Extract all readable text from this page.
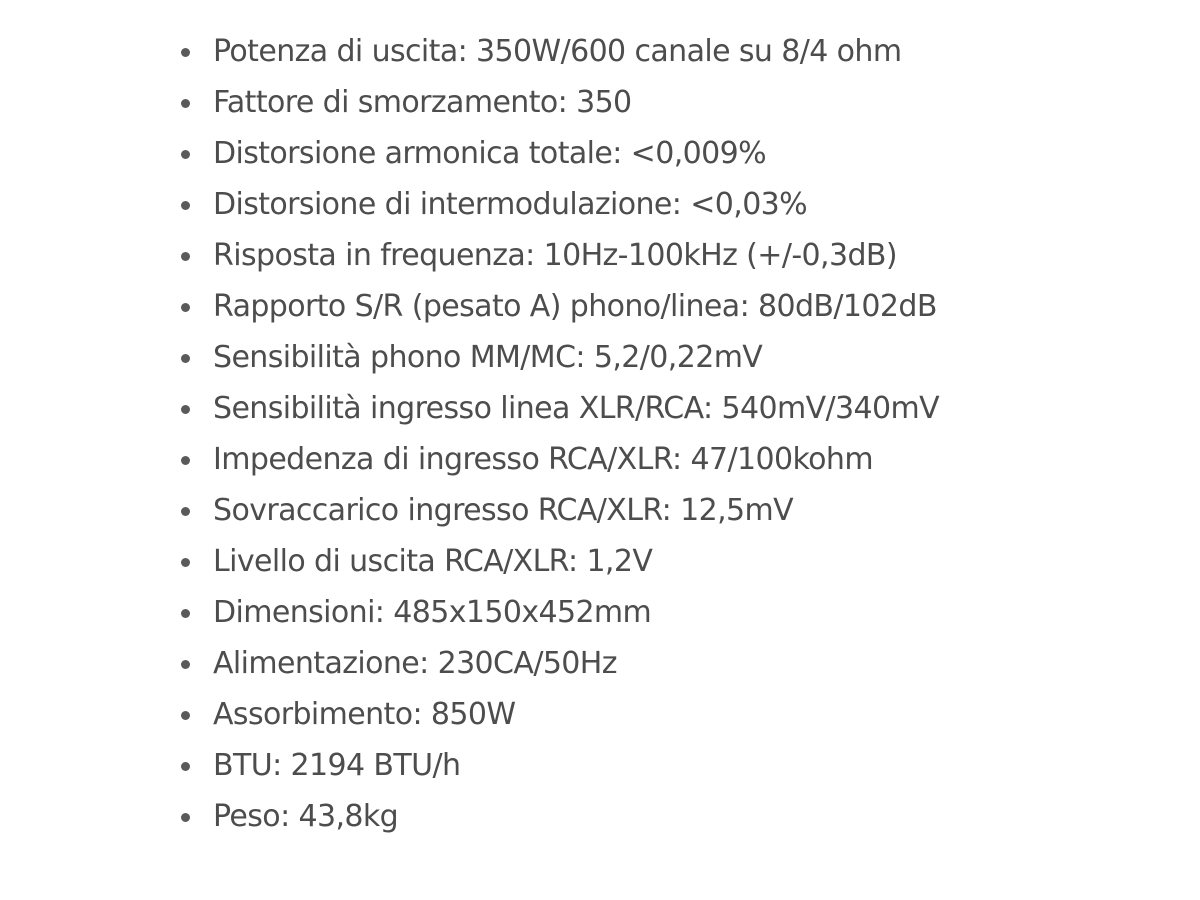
Potenza di uscita: 350W/600 canale su 8/4 ohm
Fattore di smorzamento: 350
Distorsione armonica totale: <0,009%
Distorsione di intermodulazione: <0,03%
Risposta in frequenza: 10Hz-100kHz (+/-0,3dB)
Rapporto S/R (pesato A) phono/linea: 80dB/102dB
Sensibilità phono MM/MC: 5,2/0,22mV
Sensibilità ingresso linea XLR/RCA: 540mV/340mV
Impedenza di ingresso RCA/XLR: 47/100kohm
Sovraccarico ingresso RCA/XLR: 12,5mV
Livello di uscita RCA/XLR: 1,2V
Dimensioni: 485x150x452mm
Alimentazione: 230CA/50Hz
Assorbimento: 850W
BTU: 2194 BTU/h
Peso: 43,8kg
